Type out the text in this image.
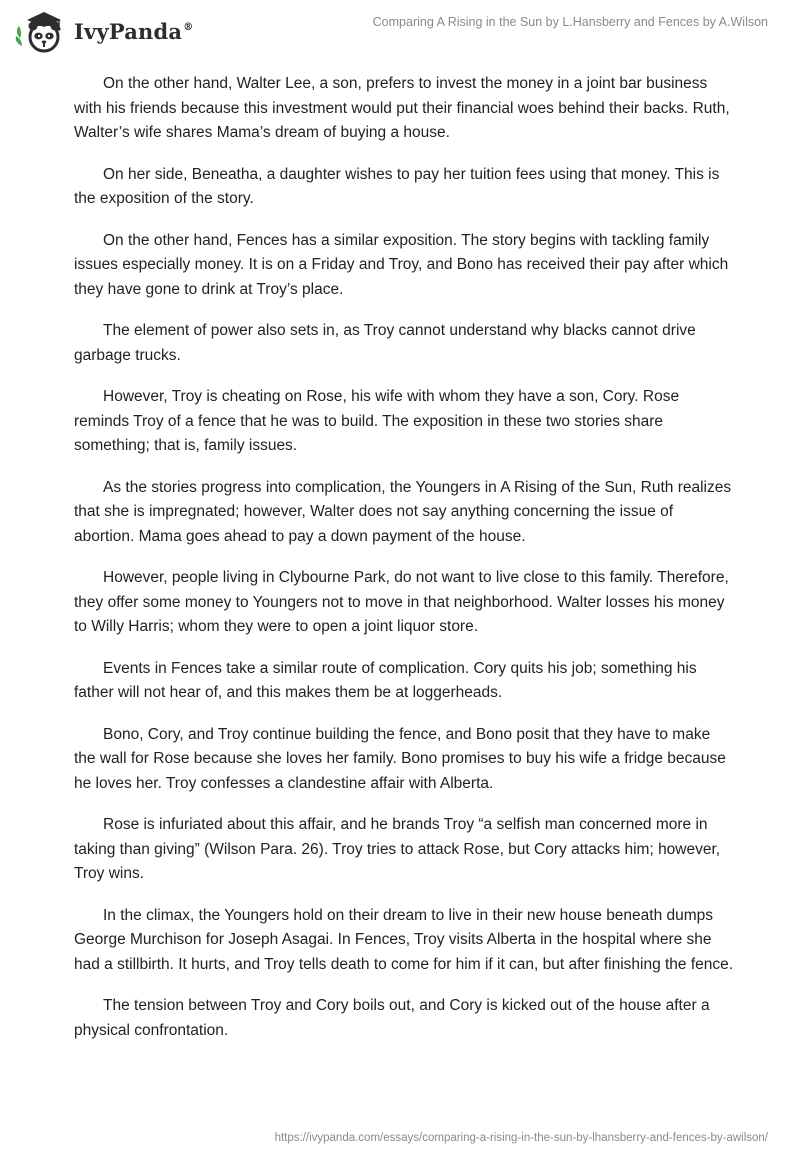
IvyPanda®	Comparing A Rising in the Sun by L.Hansberry and Fences by A.Wilson

On the other hand, Walter Lee, a son, prefers to invest the money in a joint bar business with his friends because this investment would put their financial woes behind their backs. Ruth, Walter’s wife shares Mama’s dream of buying a house.

On her side, Beneatha, a daughter wishes to pay her tuition fees using that money. This is the exposition of the story.

On the other hand, Fences has a similar exposition. The story begins with tackling family issues especially money. It is on a Friday and Troy, and Bono has received their pay after which they have gone to drink at Troy’s place.

The element of power also sets in, as Troy cannot understand why blacks cannot drive garbage trucks.

However, Troy is cheating on Rose, his wife with whom they have a son, Cory. Rose reminds Troy of a fence that he was to build. The exposition in these two stories share something; that is, family issues.

As the stories progress into complication, the Youngers in A Rising of the Sun, Ruth realizes that she is impregnated; however, Walter does not say anything concerning the issue of abortion. Mama goes ahead to pay a down payment of the house.

However, people living in Clybourne Park, do not want to live close to this family. Therefore, they offer some money to Youngers not to move in that neighborhood. Walter losses his money to Willy Harris; whom they were to open a joint liquor store.

Events in Fences take a similar route of complication. Cory quits his job; something his father will not hear of, and this makes them be at loggerheads.

Bono, Cory, and Troy continue building the fence, and Bono posit that they have to make the wall for Rose because she loves her family. Bono promises to buy his wife a fridge because he loves her. Troy confesses a clandestine affair with Alberta.

Rose is infuriated about this affair, and he brands Troy “a selfish man concerned more in taking than giving” (Wilson Para. 26). Troy tries to attack Rose, but Cory attacks him; however, Troy wins.

In the climax, the Youngers hold on their dream to live in their new house beneath dumps George Murchison for Joseph Asagai. In Fences, Troy visits Alberta in the hospital where she had a stillbirth. It hurts, and Troy tells death to come for him if it can, but after finishing the fence.

The tension between Troy and Cory boils out, and Cory is kicked out of the house after a physical confrontation.

https://ivypanda.com/essays/comparing-a-rising-in-the-sun-by-lhansberry-and-fences-by-awilson/
